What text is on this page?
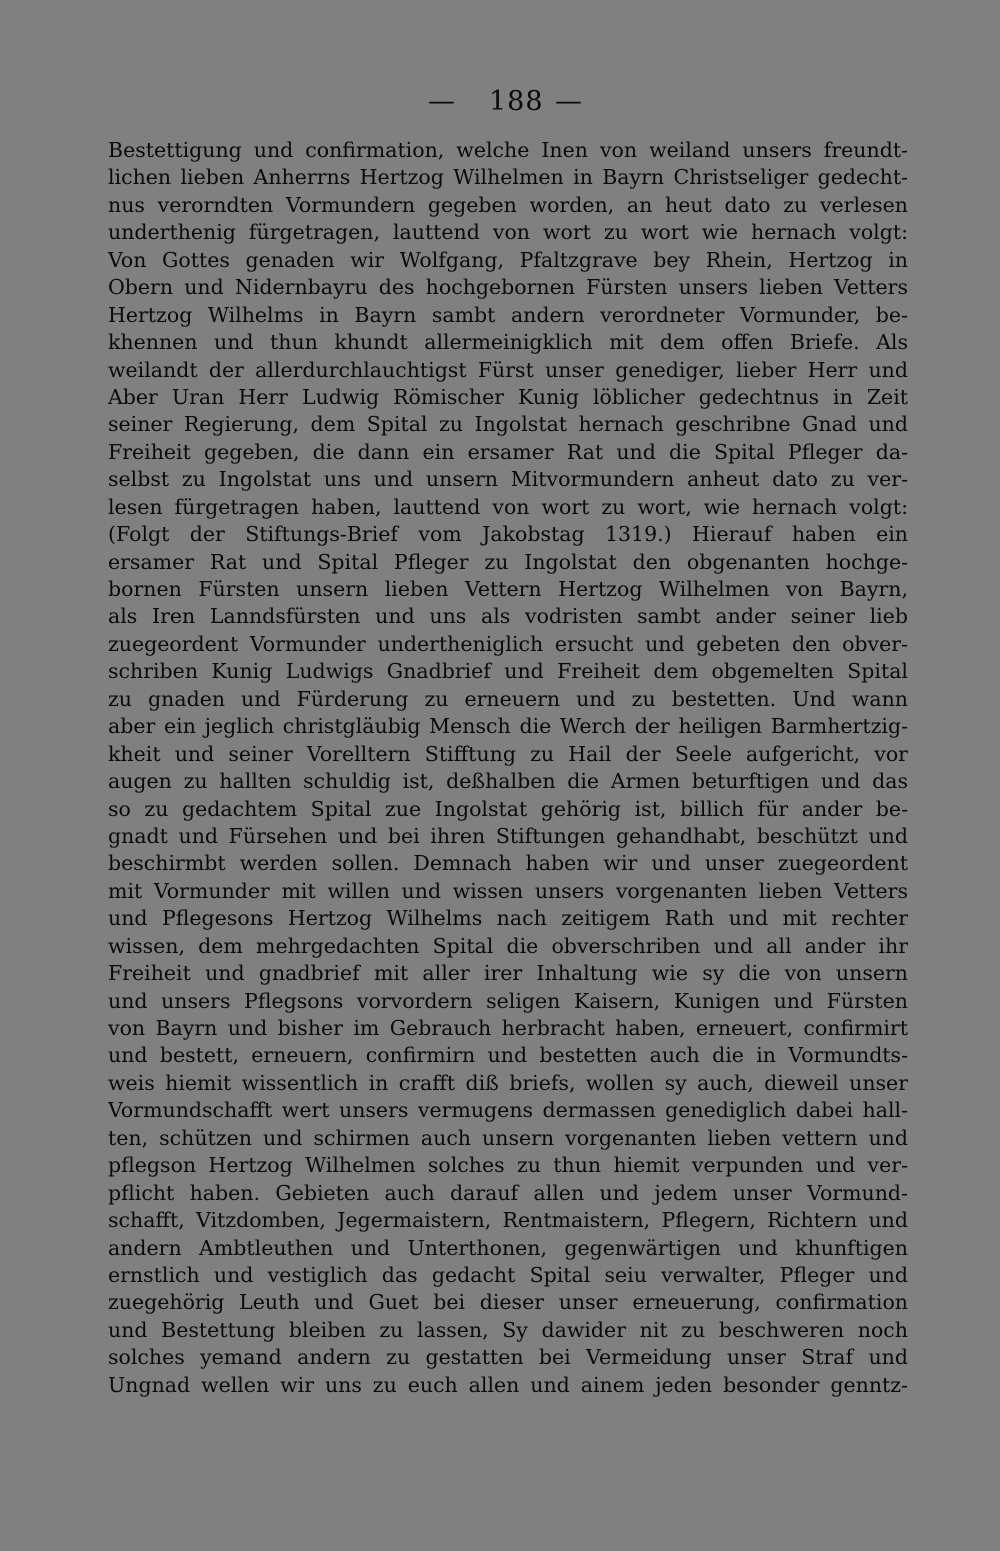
— 188 —
Bestettigung und confirmation, welche Inen von weiland unsers freundt-
lichen lieben Anherrns Hertzog Wilhelmen in Bayrn Christseliger gedecht-
nus verorndten Vormundern gegeben worden, an heut dato zu verlesen
underthenig fürgetragen, lauttend von wort zu wort wie hernach volgt:
Von Gottes genaden wir Wolfgang, Pfaltzgrave bey Rhein, Hertzog in
Obern und Nidernbayru des hochgebornen Fürsten unsers lieben Vetters
Hertzog Wilhelms in Bayrn sambt andern verordneter Vormunder, be-
khennen und thun khundt allermeinigklich mit dem offen Briefe. Als
weilandt der allerdurchlauchtigst Fürst unser genediger, lieber Herr und
Aber Uran Herr Ludwig Römischer Kunig löblicher gedechtnus in Zeit
seiner Regierung, dem Spital zu Ingolstat hernach geschribne Gnad und
Freiheit gegeben, die dann ein ersamer Rat und die Spital Pfleger da-
selbst zu Ingolstat uns und unsern Mitvormundern anheut dato zu ver-
lesen fürgetragen haben, lauttend von wort zu wort, wie hernach volgt:
(Folgt der Stiftungs-Brief vom Jakobstag 1319.) Hierauf haben ein
ersamer Rat und Spital Pfleger zu Ingolstat den obgenanten hochge-
bornen Fürsten unsern lieben Vettern Hertzog Wilhelmen von Bayrn,
als Iren Lanndsfürsten und uns als vodristen sambt ander seiner lieb
zuegeordent Vormunder undertheniglich ersucht und gebeten den obver-
schriben Kunig Ludwigs Gnadbrief und Freiheit dem obgemelten Spital
zu gnaden und Fürderung zu erneuern und zu bestetten. Und wann
aber ein jeglich christgläubig Mensch die Werch der heiligen Barmhertzig-
kheit und seiner Vorelltern Stifftung zu Hail der Seele aufgericht, vor
augen zu hallten schuldig ist, deßhalben die Armen beturftigen und das
so zu gedachtem Spital zue Ingolstat gehörig ist, billich für ander be-
gnadt und Fürsehen und bei ihren Stiftungen gehandhabt, beschützt und
beschirmbt werden sollen. Demnach haben wir und unser zuegeordent
mit Vormunder mit willen und wissen unsers vorgenanten lieben Vetters
und Pflegesons Hertzog Wilhelms nach zeitigem Rath und mit rechter
wissen, dem mehrgedachten Spital die obverschriben und all ander ihr
Freiheit und gnadbrief mit aller irer Inhaltung wie sy die von unsern
und unsers Pflegsons vorvordern seligen Kaisern, Kunigen und Fürsten
von Bayrn und bisher im Gebrauch herbracht haben, erneuert, confirmirt
und bestett, erneuern, confirmirn und bestetten auch die in Vormundts-
weis hiemit wissentlich in crafft diß briefs, wollen sy auch, dieweil unser
Vormundschafft wert unsers vermugens dermassen genediglich dabei hall-
ten, schützen und schirmen auch unsern vorgenanten lieben vettern und
pflegson Hertzog Wilhelmen solches zu thun hiemit verpunden und ver-
pflicht haben. Gebieten auch darauf allen und jedem unser Vormund-
schafft, Vitzdomben, Jegermaistern, Rentmaistern, Pflegern, Richtern und
andern Ambtleuthen und Unterthonen, gegenwärtigen und khunftigen
ernstlich und vestiglich das gedacht Spital seiu verwalter, Pfleger und
zuegehörig Leuth und Guet bei dieser unser erneuerung, confirmation
und Bestettung bleiben zu lassen, Sy dawider nit zu beschweren noch
solches yemand andern zu gestatten bei Vermeidung unser Straf und
Ungnad wellen wir uns zu euch allen und ainem jeden besonder genntz-
